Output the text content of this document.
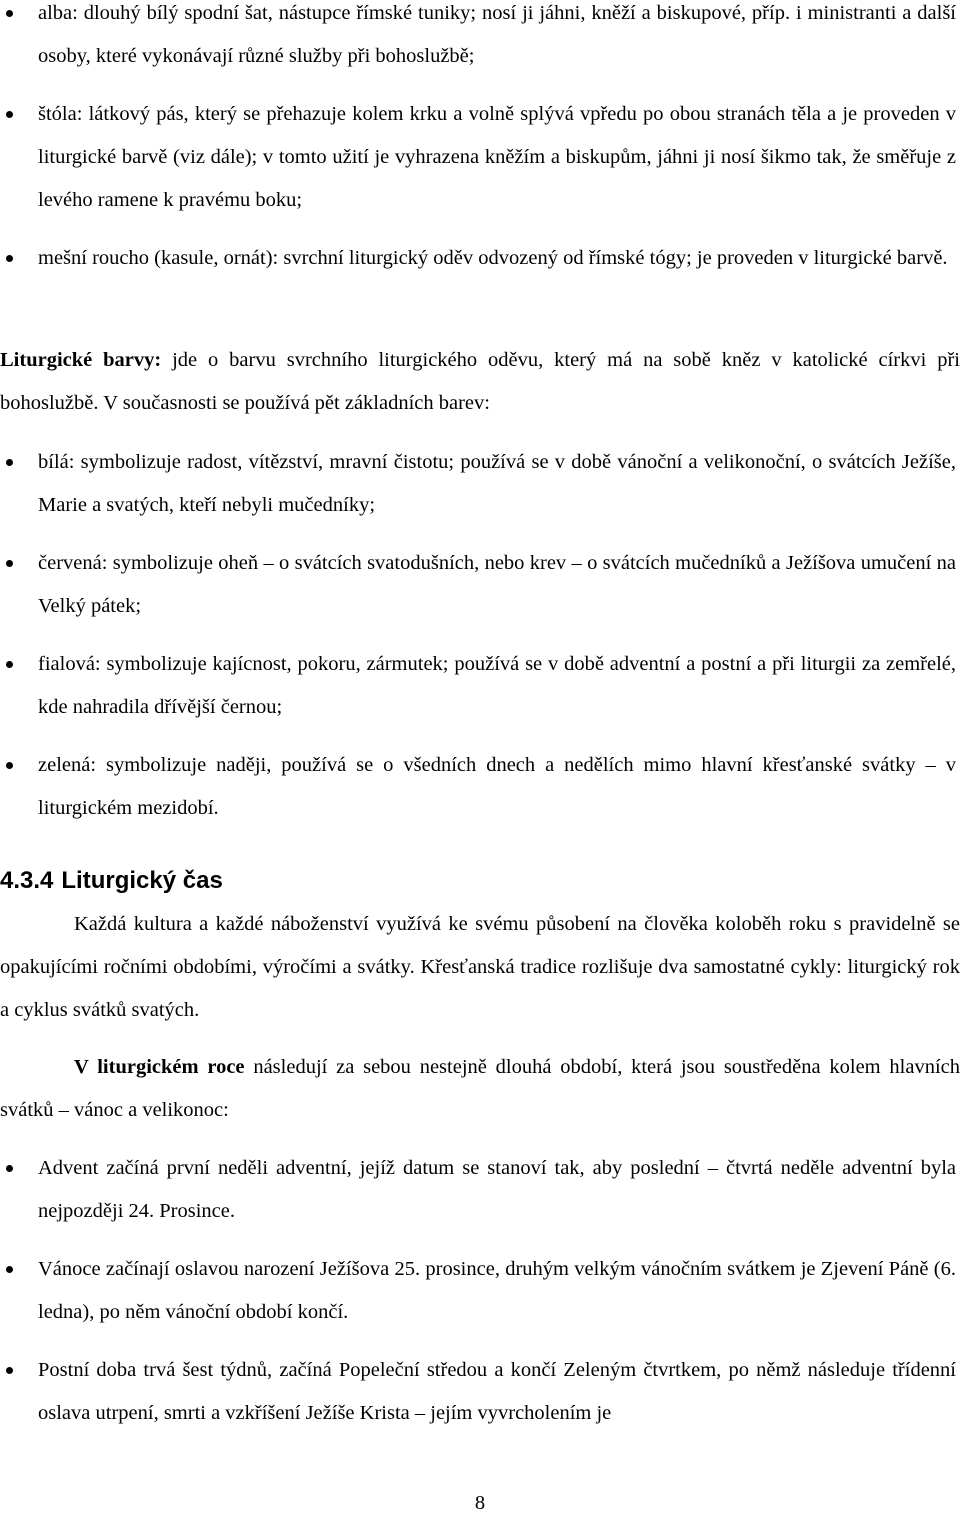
alba: dlouhý bílý spodní šat, nástupce římské tuniky; nosí ji jáhni, kněží a biskupové, příp. i ministranti a další osoby, které vykonávají různé služby při bohoslužbě;
štóla: látkový pás, který se přehazuje kolem krku a volně splývá vpředu po obou stranách těla a je proveden v liturgické barvě (viz dále); v tomto užití je vyhrazena kněžím a biskupům, jáhni ji nosí šikmo tak, že směřuje z levého ramene k pravému boku;
mešní roucho (kasule, ornát): svrchní liturgický oděv odvozený od římské tógy; je proveden v liturgické barvě.

Liturgické barvy: jde o barvu svrchního liturgického oděvu, který má na sobě kněz v katolické církvi při bohoslužbě. V současnosti se používá pět základních barev:

bílá: symbolizuje radost, vítězství, mravní čistotu; používá se v době vánoční a velikonoční, o svátcích Ježíše, Marie a svatých, kteří nebyli mučedníky;
červená: symbolizuje oheň – o svátcích svatodušních, nebo krev – o svátcích mučedníků a Ježíšova umučení na Velký pátek;
fialová: symbolizuje kajícnost, pokoru, zármutek; používá se v době adventní a postní a při liturgii za zemřelé, kde nahradila dřívější černou;
zelená: symbolizuje naději, používá se o všedních dnech a nedělích mimo hlavní křesťanské svátky – v liturgickém mezidobí.
4.3.4 Liturgický čas

Každá kultura a každé náboženství využívá ke svému působení na člověka koloběh roku s pravidelně se opakujícími ročními obdobími, výročími a svátky. Křesťanská tradice rozlišuje dva samostatné cykly: liturgický rok a cyklus svátků svatých.

V liturgickém roce následují za sebou nestejně dlouhá období, která jsou soustředěna kolem hlavních svátků – vánoc a velikonoc:

Advent začíná první neděli adventní, jejíž datum se stanoví tak, aby poslední – čtvrtá neděle adventní byla nejpozději 24. Prosince.
Vánoce začínají oslavou narození Ježíšova 25. prosince, druhým velkým vánočním svátkem je Zjevení Páně (6. ledna), po něm vánoční období končí.
Postní doba trvá šest týdnů, začíná Popeleční středou a končí Zeleným čtvrtkem, po němž následuje třídenní oslava utrpení, smrti a vzkříšení Ježíše Krista – jejím vyvrcholením je
8
